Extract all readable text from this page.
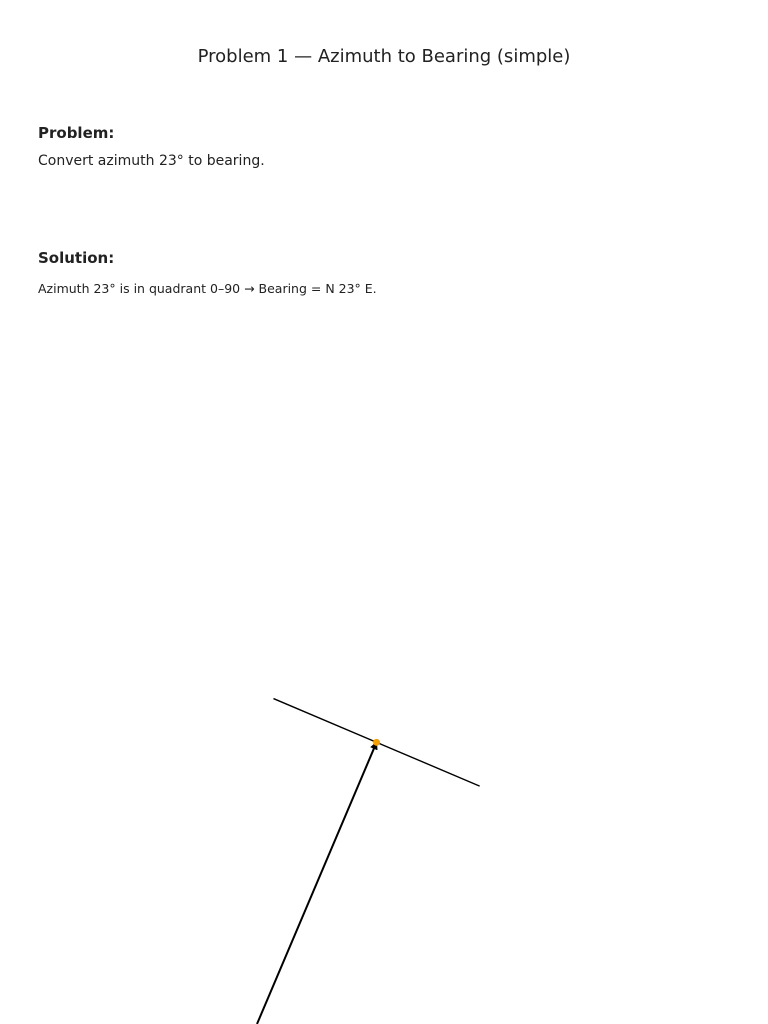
Problem 1 — Azimuth to Bearing (simple)
Problem:

Convert azimuth 23° to bearing.

Solution:

Azimuth 23° is in quadrant 0–90 → Bearing = N 23° E.
